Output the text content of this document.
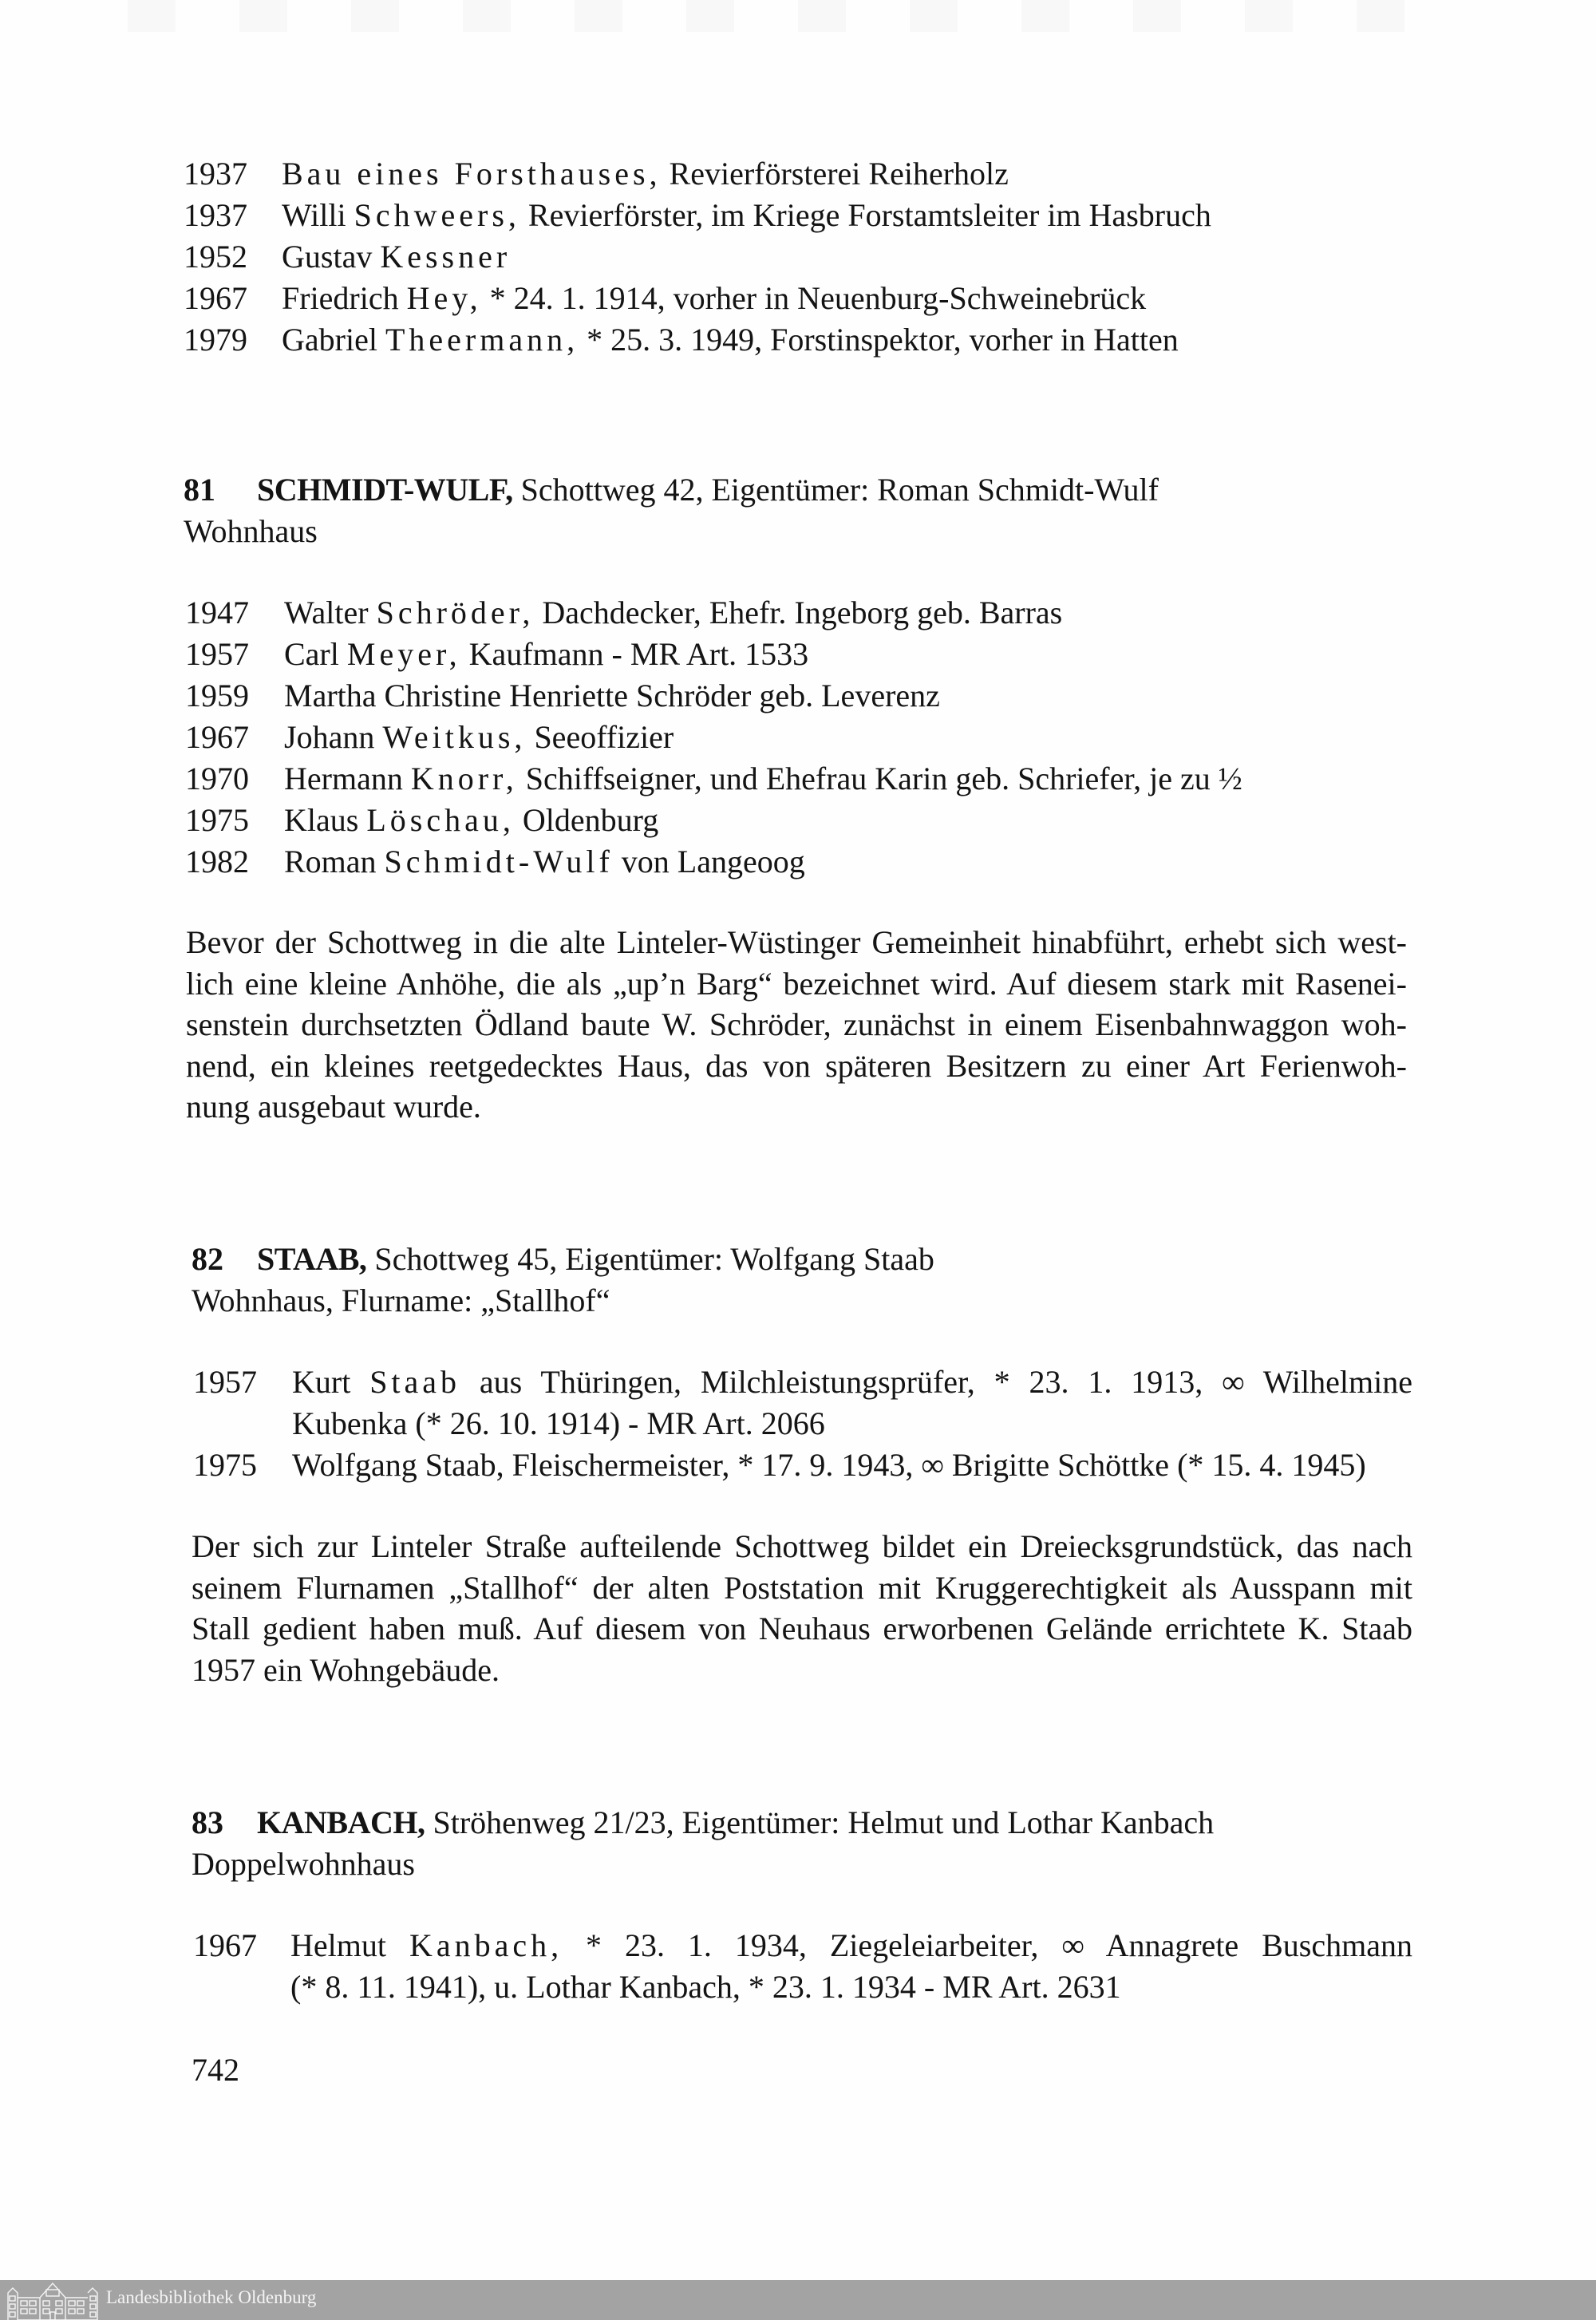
1937 Bau eines Forsthauses, Revierförsterei Reiherholz
1937 Willi Schweers, Revierförster, im Kriege Forstamtsleiter im Hasbruch
1952 Gustav Kessner
1967 Friedrich Hey, * 24. 1. 1914, vorher in Neuenburg-Schweinebrück
1979 Gabriel Theermann, * 25. 3. 1949, Forstinspektor, vorher in Hatten
81 SCHMIDT-WULF, Schottweg 42, Eigentümer: Roman Schmidt-Wulf
Wohnhaus
1947 Walter Schröder, Dachdecker, Ehefr. Ingeborg geb. Barras
1957 Carl Meyer, Kaufmann - MR Art. 1533
1959 Martha Christine Henriette Schröder geb. Leverenz
1967 Johann Weitkus, Seeoffizier
1970 Hermann Knorr, Schiffseigner, und Ehefrau Karin geb. Schriefer, je zu ½
1975 Klaus Löschau, Oldenburg
1982 Roman Schmidt-Wulf von Langeoog
Bevor der Schottweg in die alte Linteler-Wüstinger Gemeinheit hinabführt, erhebt sich west-
lich eine kleine Anhöhe, die als „up’n Barg“ bezeichnet wird. Auf diesem stark mit Rasenei-
senstein durchsetzten Ödland baute W. Schröder, zunächst in einem Eisenbahnwaggon woh-
nend, ein kleines reetgedecktes Haus, das von späteren Besitzern zu einer Art Ferienwoh-
nung ausgebaut wurde.
82 STAAB, Schottweg 45, Eigentümer: Wolfgang Staab
Wohnhaus, Flurname: „Stallhof“
1957 Kurt Staab aus Thüringen, Milchleistungsprüfer, * 23. 1. 1913, ∞ Wilhelmine
Kubenka (* 26. 10. 1914) - MR Art. 2066
1975 Wolfgang Staab, Fleischermeister, * 17. 9. 1943, ∞ Brigitte Schöttke (* 15. 4. 1945)
Der sich zur Linteler Straße aufteilende Schottweg bildet ein Dreiecksgrundstück, das nach
seinem Flurnamen „Stallhof“ der alten Poststation mit Kruggerechtigkeit als Ausspann mit
Stall gedient haben muß. Auf diesem von Neuhaus erworbenen Gelände errichtete K. Staab
1957 ein Wohngebäude.
83 KANBACH, Ströhenweg 21/23, Eigentümer: Helmut und Lothar Kanbach
Doppelwohnhaus
1967 Helmut Kanbach, * 23. 1. 1934, Ziegeleiarbeiter, ∞ Annagrete Buschmann
(* 8. 11. 1941), u. Lothar Kanbach, * 23. 1. 1934 - MR Art. 2631
742
Landesbibliothek Oldenburg
